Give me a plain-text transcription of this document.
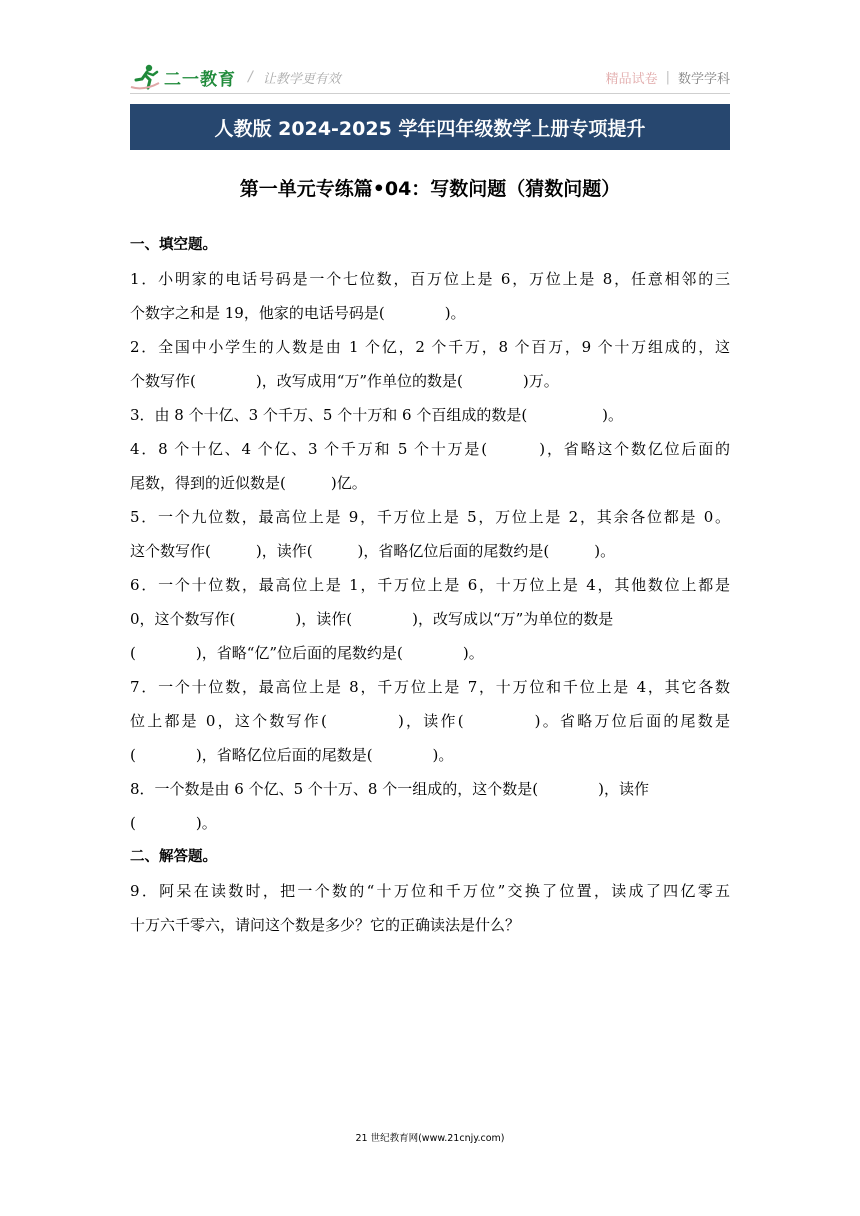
二一教育 / 让教学更有效	精品试卷 | 数学学科
人教版 2024-2025 学年四年级数学上册专项提升
第一单元专练篇•04：写数问题（猜数问题）
一、填空题。
1．小明家的电话号码是一个七位数，百万位上是 6，万位上是 8，任意相邻的三
个数字之和是 19，他家的电话号码是(　　　　)。
2．全国中小学生的人数是由 1 个亿，2 个千万，8 个百万，9 个十万组成的，这
个数写作(　　　　)，改写成用“万”作单位的数是(　　　　)万。
3．由 8 个十亿、3 个千万、5 个十万和 6 个百组成的数是(　　　　　)。
4．8 个十亿、4 个亿、3 个千万和 5 个十万是(　　　)，省略这个数亿位后面的
尾数，得到的近似数是(　　　)亿。
5．一个九位数，最高位上是 9，千万位上是 5，万位上是 2，其余各位都是 0。
这个数写作(　　　)，读作(　　　)，省略亿位后面的尾数约是(　　　)。
6．一个十位数，最高位上是 1，千万位上是 6，十万位上是 4，其他数位上都是
0，这个数写作(　　　　)，读作(　　　　)，改写成以“万”为单位的数是
(　　　　)，省略“亿”位后面的尾数约是(　　　　)。
7．一个十位数，最高位上是 8，千万位上是 7，十万位和千位上是 4，其它各数
位上都是 0，这个数写作(　　　　)，读作(　　　　)。省略万位后面的尾数是
(　　　　)，省略亿位后面的尾数是(　　　　)。
8．一个数是由 6 个亿、5 个十万、8 个一组成的，这个数是(　　　　)，读作
(　　　　)。
二、解答题。
9．阿呆在读数时，把一个数的“十万位和千万位”交换了位置，读成了四亿零五
十万六千零六，请问这个数是多少？它的正确读法是什么？
21 世纪教育网(www.21cnjy.com)
